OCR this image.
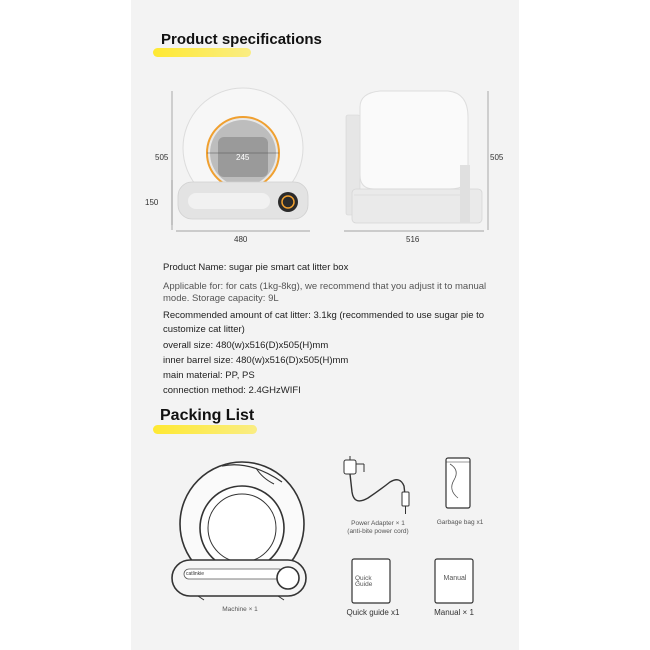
Product specifications
505
150
245
480
505
516
Product Name: sugar pie smart cat litter box
Applicable for: for cats (1kg-8kg), we recommend that you adjust it to manual
mode. Storage capacity: 9L
Recommended amount of cat litter: 3.1kg (recommended to use sugar pie to
customize cat litter)
overall size: 480(w)x516(D)x505(H)mm
inner barrel size: 480(w)x516(D)x505(H)mm
main material: PP, PS
connection method: 2.4GHzWIFI
Packing List
catlinkie
Machine × 1
Power Adapter × 1
(anti-bite power cord)
Garbage bag x1
Quick
Guide
Quick guide x1
Manual
Manual × 1
